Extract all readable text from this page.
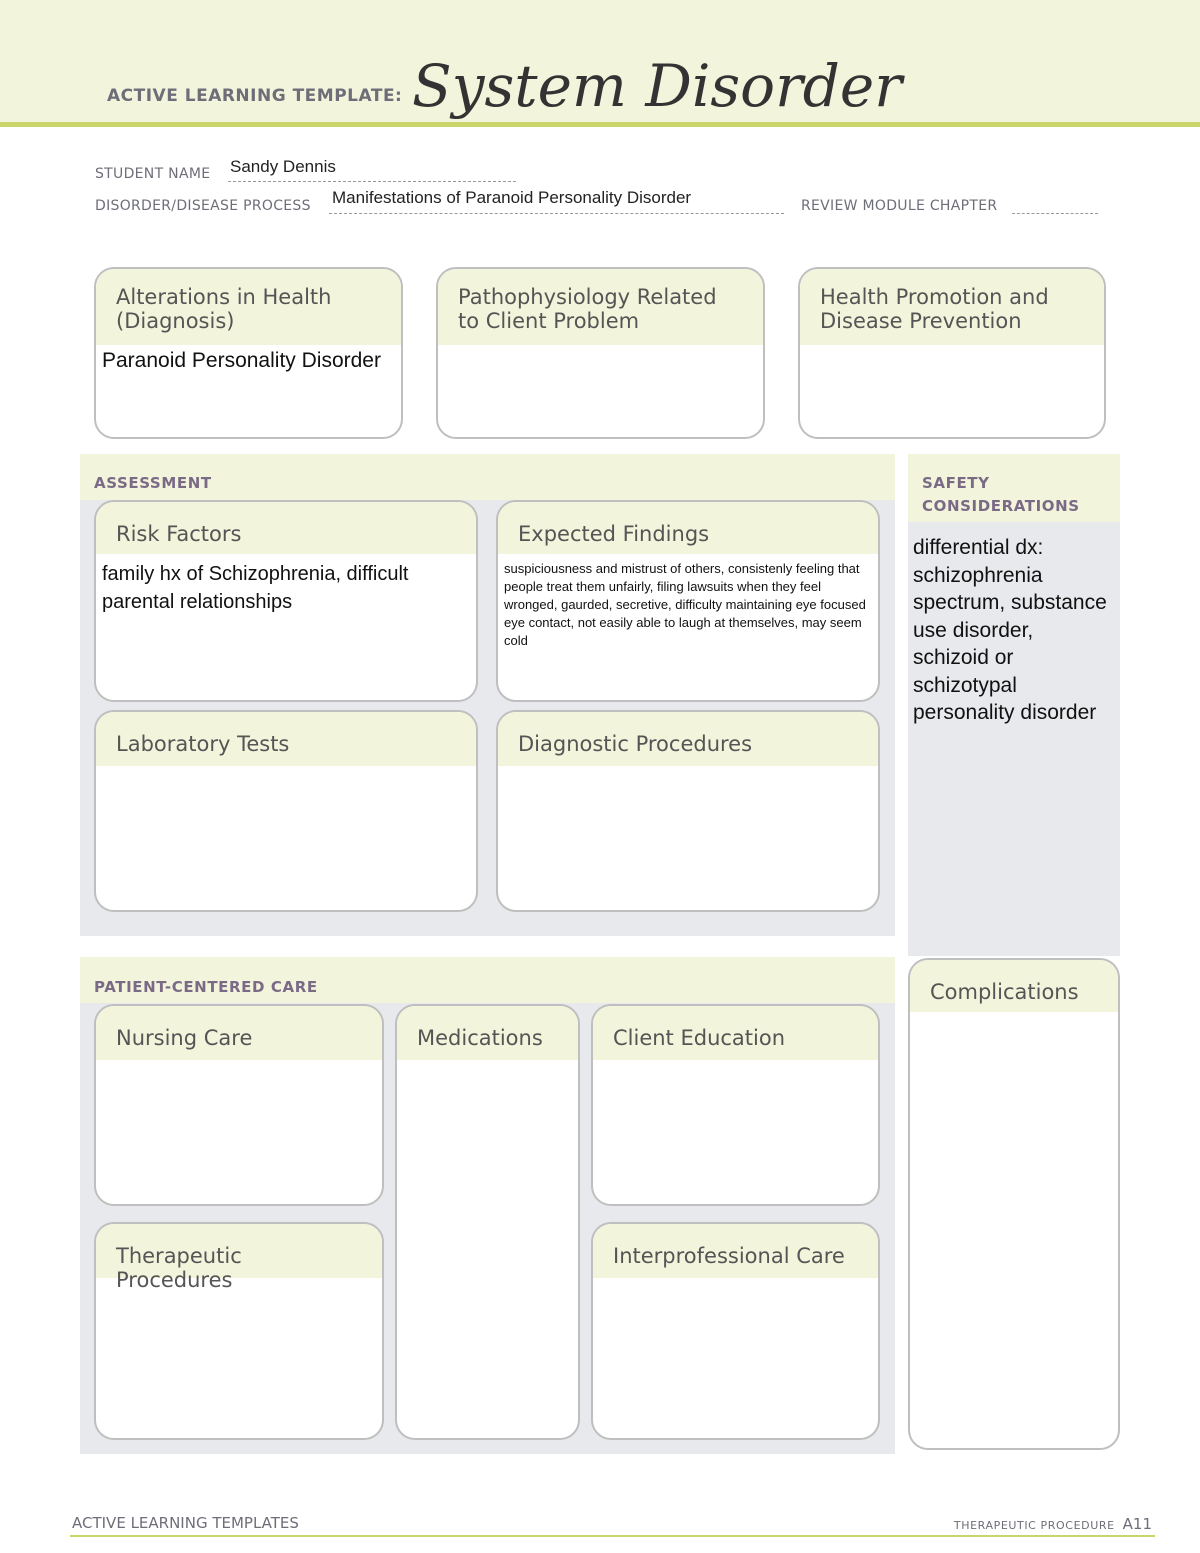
ACTIVE LEARNING TEMPLATE: System Disorder
STUDENT NAME Sandy Dennis
DISORDER/DISEASE PROCESS Manifestations of Paranoid Personality Disorder	REVIEW MODULE CHAPTER
Alterations in Health (Diagnosis)
Paranoid Personality Disorder
Pathophysiology Related to Client Problem
Health Promotion and Disease Prevention
ASSESSMENT
Risk Factors
family hx of Schizophrenia, difficult parental relationships
Expected Findings
suspiciousness and mistrust of others, consistenly feeling that people treat them unfairly, filing lawsuits when they feel wronged, gaurded, secretive, difficulty maintaining eye focused eye contact, not easily able to laugh at themselves, may seem cold
Laboratory Tests	Diagnostic Procedures
SAFETY CONSIDERATIONS
differential dx: schizophrenia spectrum, substance use disorder, schizoid or schizotypal personality disorder
Complications
PATIENT-CENTERED CARE
Nursing Care	Medications	Client Education
Therapeutic Procedures
Interprofessional Care
ACTIVE LEARNING TEMPLATES	THERAPEUTIC PROCEDURE A11
